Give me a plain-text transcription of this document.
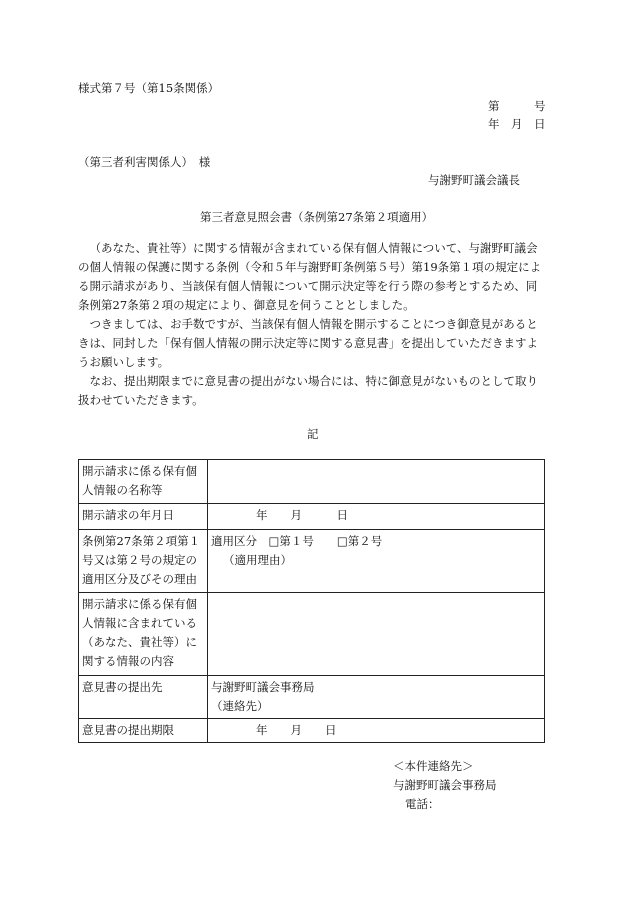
様式第７号（第15条関係）
第　　　号
年　月　日
（第三者利害関係人）　様
与謝野町議会議長
第三者意見照会書（条例第27条第２項適用）

（あなた、貴社等）に関する情報が含まれている保有個人情報について、与謝野町議会の個人情報の保護に関する条例（令和５年与謝野町条例第５号）第19条第１項の規定による開示請求があり、当該保有個人情報について開示決定等を行う際の参考とするため、同条例第27条第２項の規定により、御意見を伺うこととしました。

つきましては、お手数ですが、当該保有個人情報を開示することにつき御意見があるときは、同封した「保有個人情報の開示決定等に関する意見書」を提出していただきますようお願いします。

なお、提出期限までに意見書の提出がない場合には、特に御意見がないものとして取り扱わせていただきます。

記
開示請求に係る保有個人情報の名称等	
開示請求の年月日	年　　月　　　日
条例第27条第２項第１号又は第２号の規定の適用区分及びその理由	適用区分　□第１号　　□第２号
（適用理由）

開示請求に係る保有個人情報に含まれている（あなた、貴社等）に関する情報の内容	
意見書の提出先	与謝野町議会事務局
（連絡先）

意見書の提出期限	年　　月　　日
＜本件連絡先＞
与謝野町議会事務局
電話：
